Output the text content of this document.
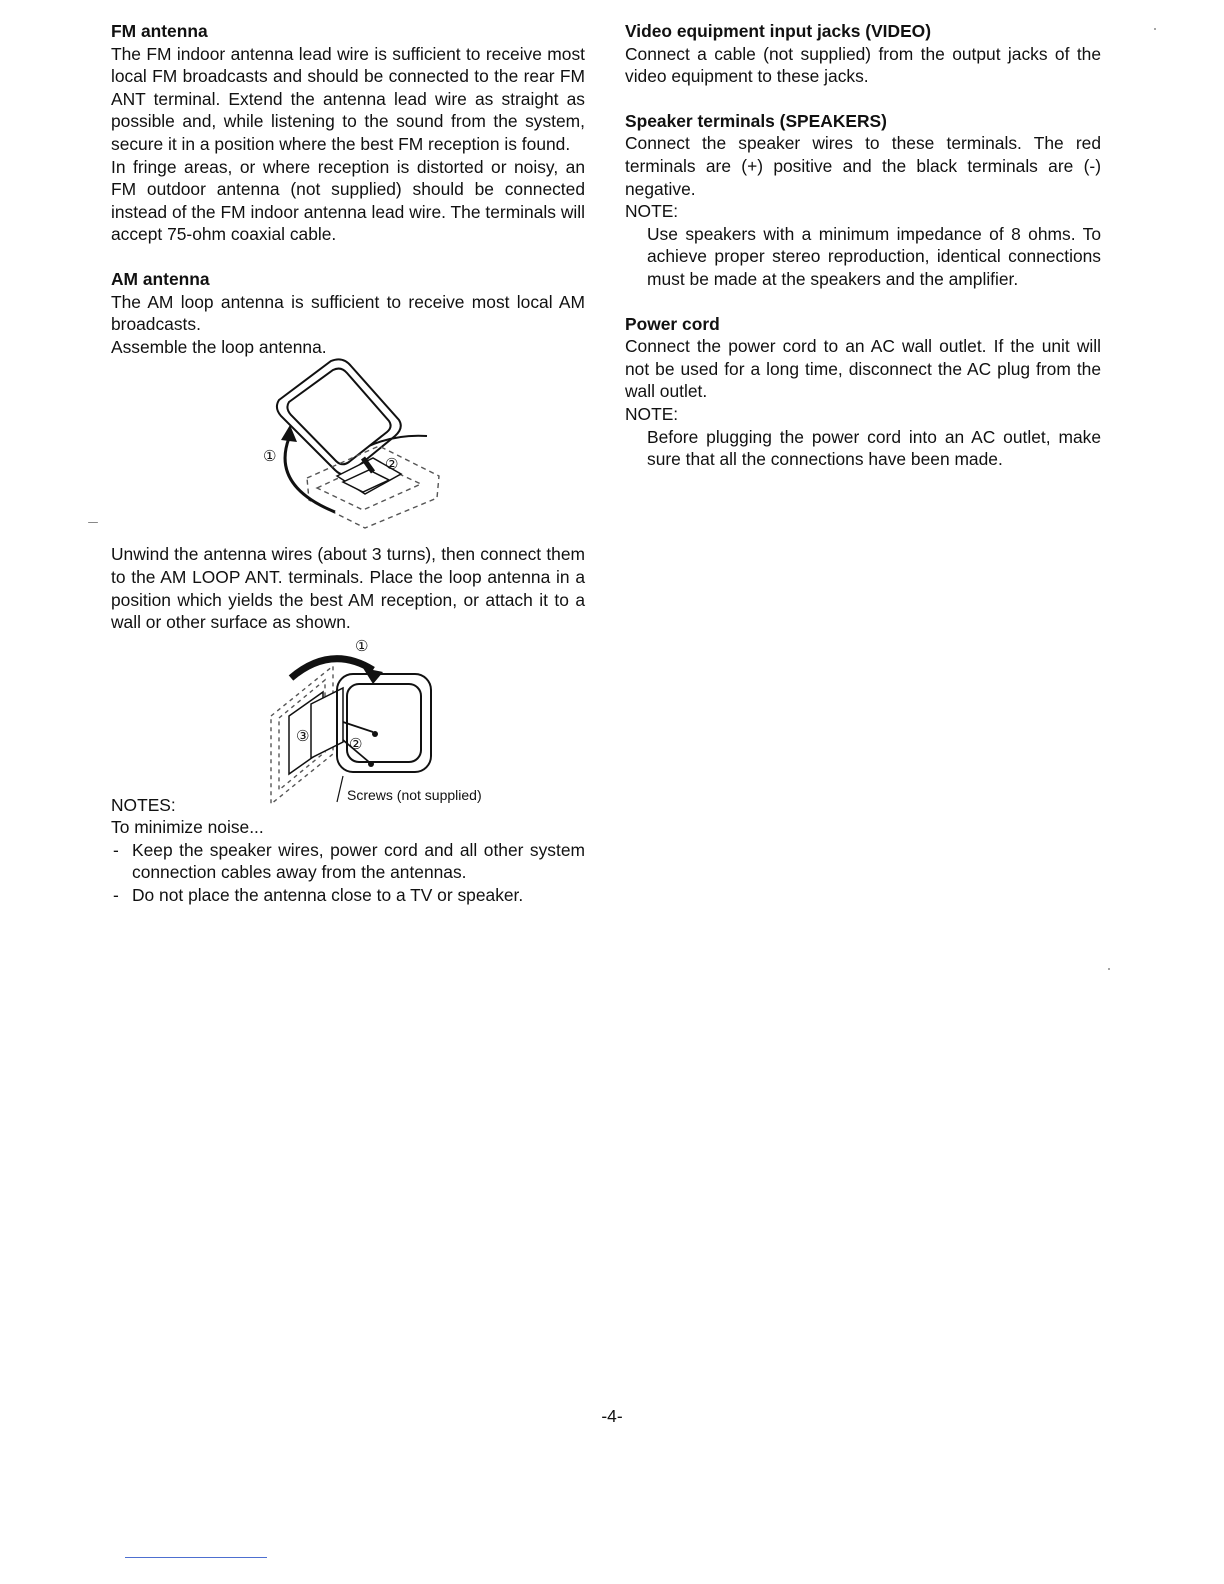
FM antenna

The FM indoor antenna lead wire is sufficient to receive most local FM broadcasts and should be connected to the rear FM ANT terminal. Extend the antenna lead wire as straight as possible and, while listening to the sound from the system, secure it in a position where the best FM reception is found.

In fringe areas, or where reception is distorted or noisy, an FM outdoor antenna (not supplied) should be connected instead of the FM indoor antenna lead wire. The terminals will accept 75-ohm coaxial cable.

AM antenna

The AM loop antenna is sufficient to receive most local AM broadcasts.

Assemble the loop antenna.

①	②

Unwind the antenna wires (about 3 turns), then connect them to the AM LOOP ANT. terminals. Place the loop antenna in a position which yields the best AM reception, or attach it to a wall or other surface as shown.

①
②
③
Screws (not supplied)

NOTES:

To minimize noise...

- Keep the speaker wires, power cord and all other system connection cables away from the antennas.
- Do not place the antenna close to a TV or speaker.
Video equipment input jacks (VIDEO)

Connect a cable (not supplied) from the output jacks of the video equipment to these jacks.

Speaker terminals (SPEAKERS)

Connect the speaker wires to these terminals. The red terminals are (+) positive and the black terminals are (-) negative.

NOTE:

Use speakers with a minimum impedance of 8 ohms. To achieve proper stereo reproduction, identical connections must be made at the speakers and the amplifier.

Power cord

Connect the power cord to an AC wall outlet. If the unit will not be used for a long time, disconnect the AC plug from the wall outlet.

NOTE:

Before plugging the power cord into an AC outlet, make sure that all the connections have been made.

-4-
